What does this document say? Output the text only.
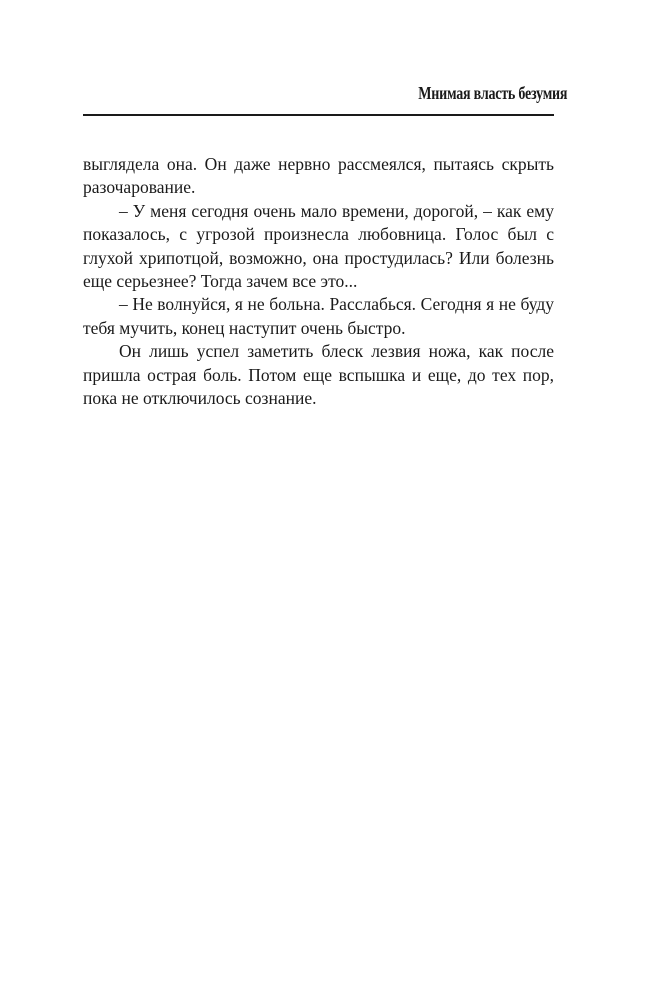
Мнимая власть безумия

выглядела она. Он даже нервно рассмеялся, пытаясь скрыть разочарование.

– У меня сегодня очень мало времени, дорогой, – как ему показалось, с угрозой произнесла любовница. Голос был с глухой хрипотцой, возможно, она простудилась? Или болезнь еще серьезнее? Тогда зачем все это...

– Не волнуйся, я не больна. Расслабься. Сегодня я не буду тебя мучить, конец наступит очень быстро.

Он лишь успел заметить блеск лезвия ножа, как после пришла острая боль. Потом еще вспышка и еще, до тех пор, пока не отключилось сознание.
